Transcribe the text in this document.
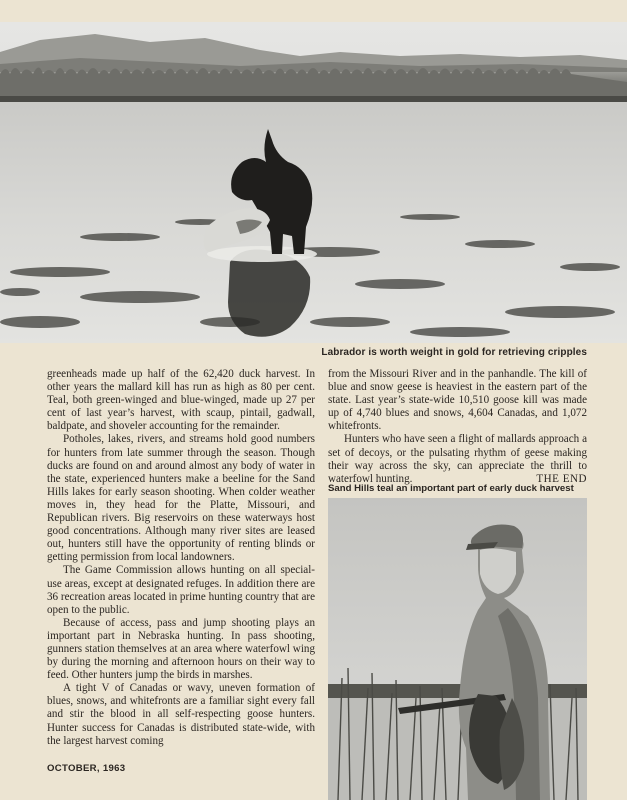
Labrador is worth weight in gold for retrieving cripples

greenheads made up half of the 62,420 duck harvest. In other years the mallard kill has run as high as 80 per cent. Teal, both green-winged and blue-winged, made up 27 per cent of last year’s harvest, with scaup, pintail, gadwall, baldpate, and shoveler accounting for the remainder.

Potholes, lakes, rivers, and streams hold good numbers for hunters from late summer through the season. Though ducks are found on and around almost any body of water in the state, experienced hunters make a beeline for the Sand Hills lakes for early season shooting. When colder weather moves in, they head for the Platte, Missouri, and Republican rivers. Big reservoirs on these waterways host good concentrations. Although many river sites are leased out, hunters still have the opportunity of renting blinds or getting permission from local landowners.

The Game Commission allows hunting on all special-use areas, except at designated refuges. In addition there are 36 recreation areas located in prime hunting country that are open to the public.

Because of access, pass and jump shooting plays an important part in Nebraska hunting. In pass shooting, gunners station themselves at an area where waterfowl wing by during the morning and afternoon hours on their way to feed. Other hunters jump the birds in marshes.

A tight V of Canadas or wavy, uneven formation of blues, snows, and whitefronts are a familiar sight every fall and stir the blood in all self-respecting goose hunters. Hunter success for Canadas is distributed state-wide, with the largest harvest coming

from the Missouri River and in the panhandle. The kill of blue and snow geese is heaviest in the eastern part of the state. Last year’s state-wide 10,510 goose kill was made up of 4,740 blues and snows, 4,604 Canadas, and 1,072 whitefronts.

Hunters who have seen a flight of mallards approach a set of decoys, or the pulsating rhythm of geese making their way across the sky, can appreciate the thrill to waterfowl hunting.	THE END

Sand Hills teal an important part of early duck harvest
OCTOBER, 1963
